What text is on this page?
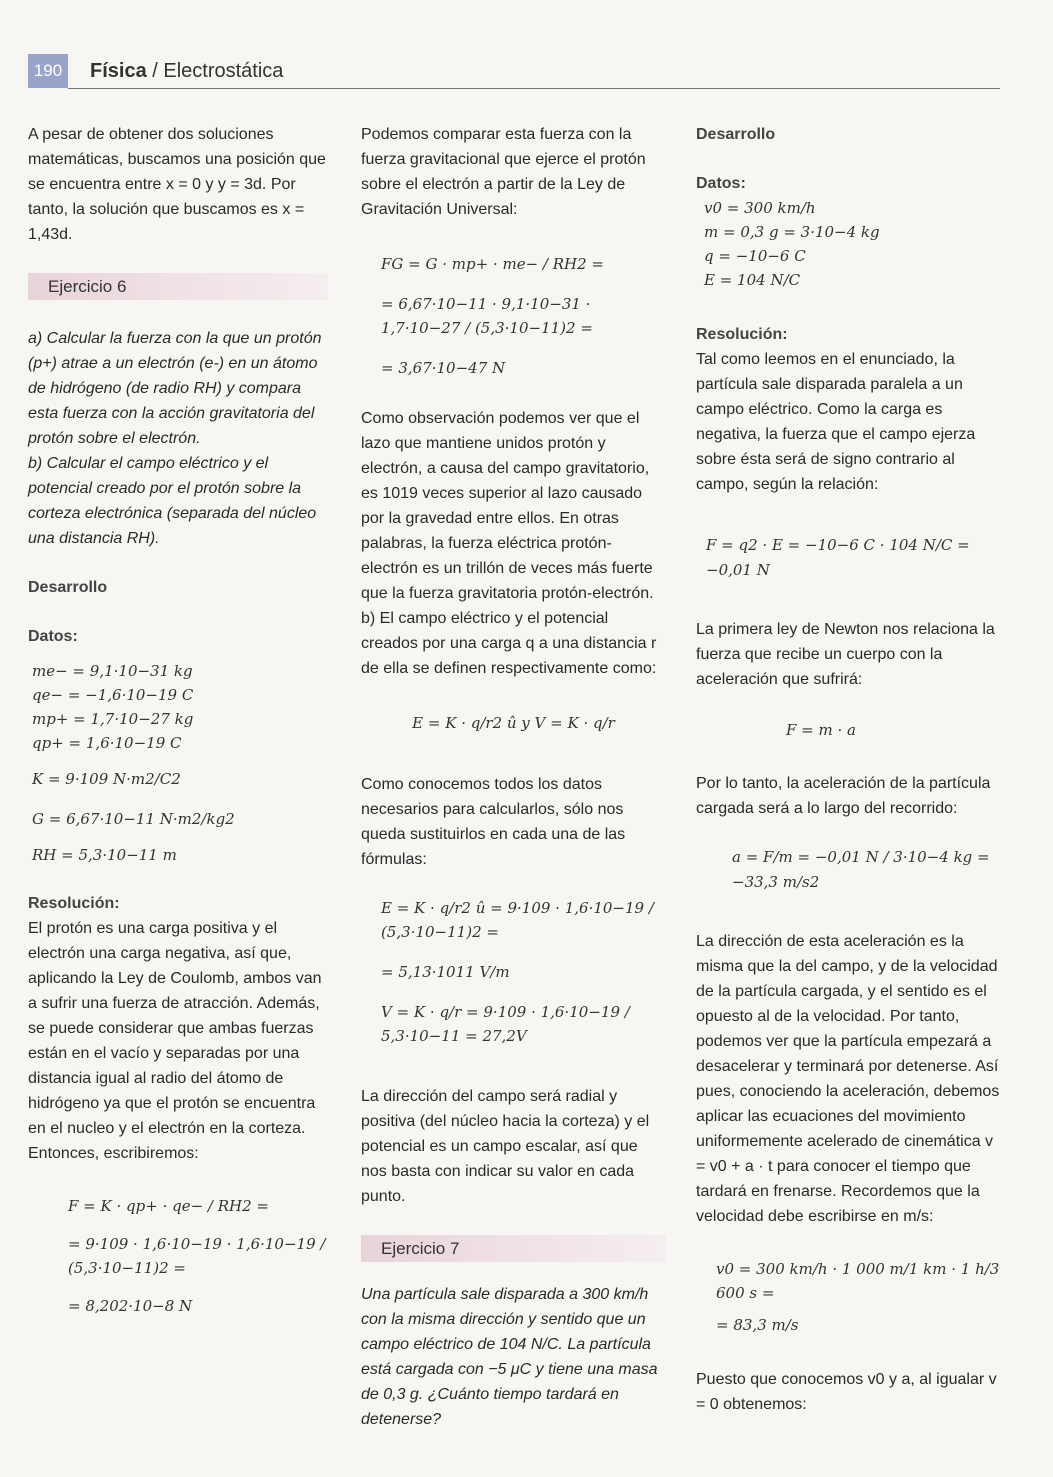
190 Física / Electrostática

A pesar de obtener dos soluciones matemáticas, buscamos una posición que se encuentra entre x = 0 y y = 3d. Por tanto, la solución que buscamos es x = 1,43d.

Ejercicio 6

a) Calcular la fuerza con la que un protón (p+) atrae a un electrón (e-) en un átomo de hidrógeno (de radio RH) y compara esta fuerza con la acción gravitatoria del protón sobre el electrón.

b) Calcular el campo eléctrico y el potencial creado por el protón sobre la corteza electrónica (separada del núcleo una distancia RH).

Desarrollo

Datos:

me− = 9,1·10−31 kg
qe− = −1,6·10−19 C
mp+ = 1,7·10−27 kg
qp+ = 1,6·10−19 C
K = 9·109 N·m2/C2
G = 6,67·10−11 N·m2/kg2
RH = 5,3·10−11 m

Resolución:

El protón es una carga positiva y el electrón una carga negativa, así que, aplicando la Ley de Coulomb, ambos van a sufrir una fuerza de atracción. Además, se puede considerar que ambas fuerzas están en el vacío y separadas por una distancia igual al radio del átomo de hidrógeno ya que el protón se encuentra en el nucleo y el electrón en la corteza. Entonces, escribiremos:

F = K · qp+ · qe− / RH2 =
= 9·109 · 1,6·10−19 · 1,6·10−19 / (5,3·10−11)2 =
= 8,202·10−8 N

Podemos comparar esta fuerza con la fuerza gravitacional que ejerce el protón sobre el electrón a partir de la Ley de Gravitación Universal:

FG = G · mp+ · me− / RH2 =
= 6,67·10−11 · 9,1·10−31 · 1,7·10−27 / (5,3·10−11)2 =
= 3,67·10−47 N

Como observación podemos ver que el lazo que mantiene unidos protón y electrón, a causa del campo gravitatorio, es 1019 veces superior al lazo causado por la gravedad entre ellos. En otras palabras, la fuerza eléctrica protón-electrón es un trillón de veces más fuerte que la fuerza gravitatoria protón-electrón.

b) El campo eléctrico y el potencial creados por una carga q a una distancia r de ella se definen respectivamente como:

E = K · q/r2 û y V = K · q/r

Como conocemos todos los datos necesarios para calcularlos, sólo nos queda sustituirlos en cada una de las fórmulas:

E = K · q/r2 û = 9·109 · 1,6·10−19 / (5,3·10−11)2 =
= 5,13·1011 V/m
V = K · q/r = 9·109 · 1,6·10−19 / 5,3·10−11 = 27,2V

La dirección del campo será radial y positiva (del núcleo hacia la corteza) y el potencial es un campo escalar, así que nos basta con indicar su valor en cada punto.

Ejercicio 7

Una partícula sale disparada a 300 km/h con la misma dirección y sentido que un campo eléctrico de 104 N/C. La partícula está cargada con −5 μC y tiene una masa de 0,3 g. ¿Cuánto tiempo tardará en detenerse?

Desarrollo

Datos:

v0 = 300 km/h
m = 0,3 g = 3·10−4 kg
q = −10−6 C
E = 104 N/C

Resolución:

Tal como leemos en el enunciado, la partícula sale disparada paralela a un campo eléctrico. Como la carga es negativa, la fuerza que el campo ejerza sobre ésta será de signo contrario al campo, según la relación:

F = q2 · E = −10−6 C · 104 N/C = −0,01 N

La primera ley de Newton nos relaciona la fuerza que recibe un cuerpo con la aceleración que sufrirá:

F = m · a

Por lo tanto, la aceleración de la partícula cargada será a lo largo del recorrido:

a = F/m = −0,01 N / 3·10−4 kg = −33,3 m/s2

La dirección de esta aceleración es la misma que la del campo, y de la velocidad de la partícula cargada, y el sentido es el opuesto al de la velocidad. Por tanto, podemos ver que la partícula empezará a desacelerar y terminará por detenerse. Así pues, conociendo la aceleración, debemos aplicar las ecuaciones del movimiento uniformemente acelerado de cinemática v = v0 + a · t para conocer el tiempo que tardará en frenarse. Recordemos que la velocidad debe escribirse en m/s:

v0 = 300 km/h · 1 000 m/1 km · 1 h/3 600 s =
= 83,3 m/s

Puesto que conocemos v0 y a, al igualar v = 0 obtenemos:
